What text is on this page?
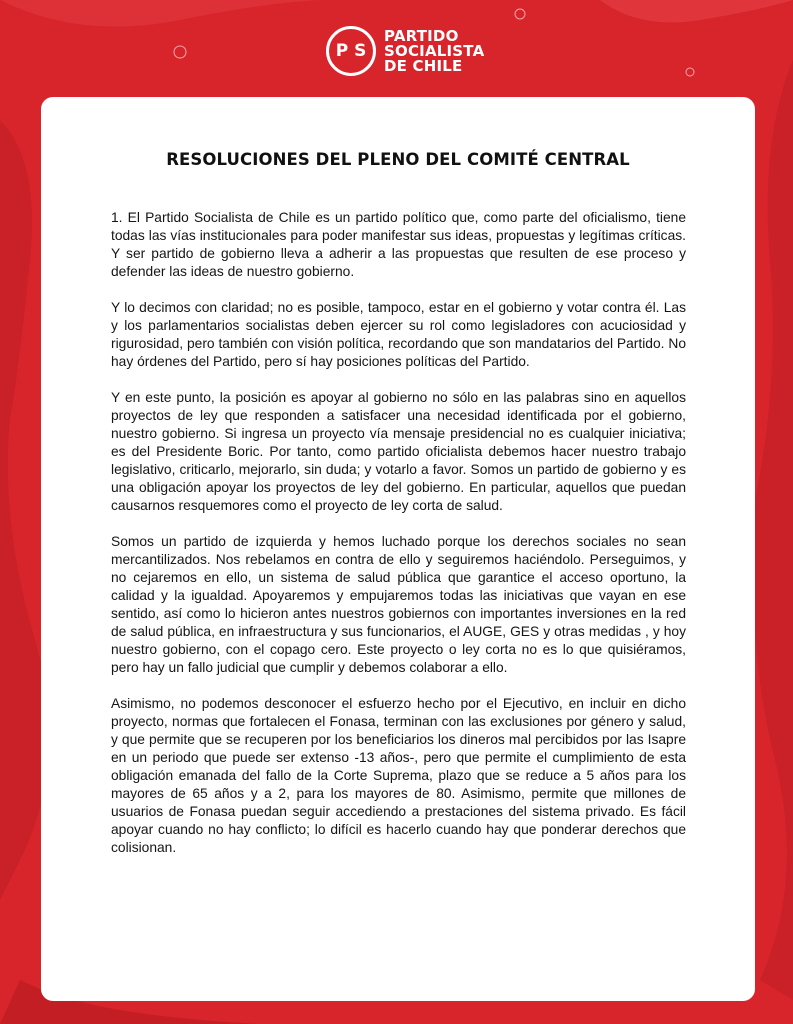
P S
PARTIDO
SOCIALISTA
DE CHILE
RESOLUCIONES DEL PLENO DEL COMITÉ CENTRAL

1. El Partido Socialista de Chile es un partido político que, como parte del oficialismo, tiene todas las vías institucionales para poder manifestar sus ideas, propuestas y legítimas críticas. Y ser partido de gobierno lleva a adherir a las propuestas que resulten de ese proceso y defender las ideas de nuestro gobierno.

Y lo decimos con claridad; no es posible, tampoco, estar en el gobierno y votar contra él. Las y los parlamentarios socialistas deben ejercer su rol como legisladores con acuciosidad y rigurosidad, pero también con visión política, recordando que son mandatarios del Partido. No hay órdenes del Partido, pero sí hay posiciones políticas del Partido.

Y en este punto, la posición es apoyar al gobierno no sólo en las palabras sino en aquellos proyectos de ley que responden a satisfacer una necesidad identificada por el gobierno, nuestro gobierno. Si ingresa un proyecto vía mensaje presidencial no es cualquier iniciativa; es del Presidente Boric. Por tanto, como partido oficialista debemos hacer nuestro trabajo legislativo, criticarlo, mejorarlo, sin duda; y votarlo a favor. Somos un partido de gobierno y es una obligación apoyar los proyectos de ley del gobierno. En particular, aquellos que puedan causarnos resquemores como el proyecto de ley corta de salud.

Somos un partido de izquierda y hemos luchado porque los derechos sociales no sean mercantilizados. Nos rebelamos en contra de ello y seguiremos haciéndolo. Perseguimos, y no cejaremos en ello, un sistema de salud pública que garantice el acceso oportuno, la calidad y la igualdad. Apoyaremos y empujaremos todas las iniciativas que vayan en ese sentido, así como lo hicieron antes nuestros gobiernos con importantes inversiones en la red de salud pública, en infraestructura y sus funcionarios, el AUGE, GES y otras medidas , y hoy nuestro gobierno, con el copago cero. Este proyecto o ley corta no es lo que quisiéramos, pero hay un fallo judicial que cumplir y debemos colaborar a ello.

Asimismo, no podemos desconocer el esfuerzo hecho por el Ejecutivo, en incluir en dicho proyecto, normas que fortalecen el Fonasa, terminan con las exclusiones por género y salud, y que permite que se recuperen por los beneficiarios los dineros mal percibidos por las Isapre en un periodo que puede ser extenso -13 años-, pero que permite el cumplimiento de esta obligación emanada del fallo de la Corte Suprema, plazo que se reduce a 5 años para los mayores de 65 años y a 2, para los mayores de 80. Asimismo, permite que millones de usuarios de Fonasa puedan seguir accediendo a prestaciones del sistema privado. Es fácil apoyar cuando no hay conflicto; lo difícil es hacerlo cuando hay que ponderar derechos que colisionan.
